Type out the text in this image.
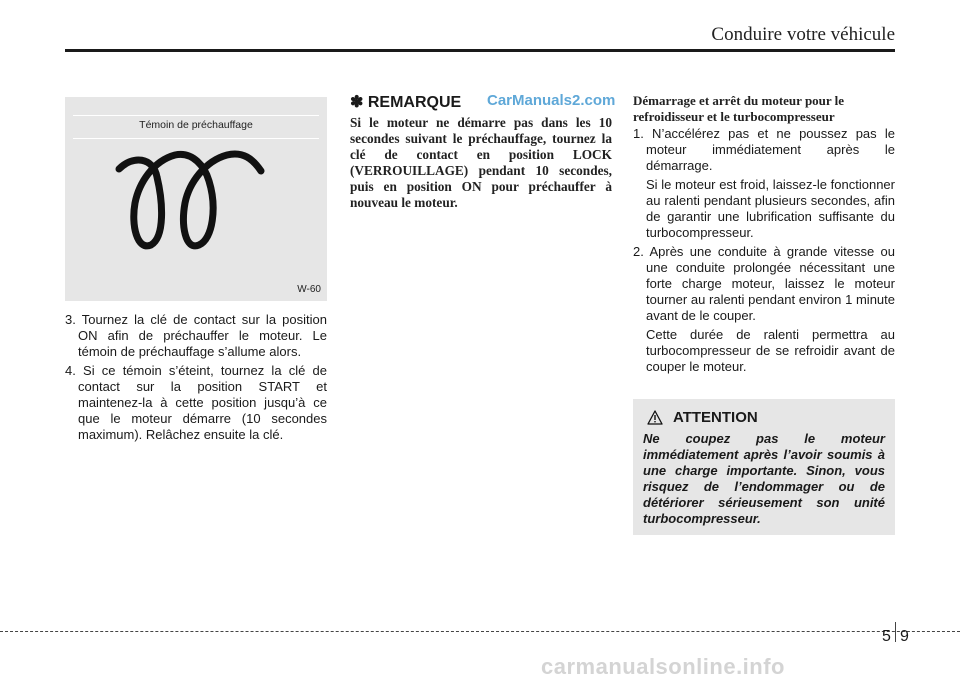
Conduire votre véhicule
Témoin de préchauffage
W-60

3. Tournez la clé de contact sur la position ON afin de préchauffer le moteur. Le témoin de préchauffage s’allume alors.

4. Si ce témoin s’éteint, tournez la clé de contact sur la position START et maintenez-la à cette position jusqu’à ce que le moteur démarre (10 secondes maximum). Relâchez ensuite la clé.

✽ REMARQUE CarManuals2.com
Si le moteur ne démarre pas dans les 10 secondes suivant le préchauffage, tournez la clé de contact en position LOCK (VERROUILLAGE) pendant 10 secondes, puis en position ON pour préchauffer à nouveau le moteur.
Démarrage et arrêt du moteur pour le refroidisseur et le turbocompresseur

1. N’accélérez pas et ne poussez pas le moteur immédiatement après le démarrage.

Si le moteur est froid, laissez-le fonctionner au ralenti pendant plusieurs secondes, afin de garantir une lubrification suffisante du turbocompresseur.

2. Après une conduite à grande vitesse ou une conduite prolongée nécessitant une forte charge moteur, laissez le moteur tourner au ralenti pendant environ 1 minute avant de le couper.

Cette durée de ralenti permettra au turbocompresseur de se refroidir avant de couper le moteur.

ATTENTION
Ne coupez pas le moteur immédiatement après l’avoir soumis à une charge importante. Sinon, vous risquez de l’endommager ou de détériorer sérieusement son unité turbocompresseur.
5 9
carmanualsonline.info
